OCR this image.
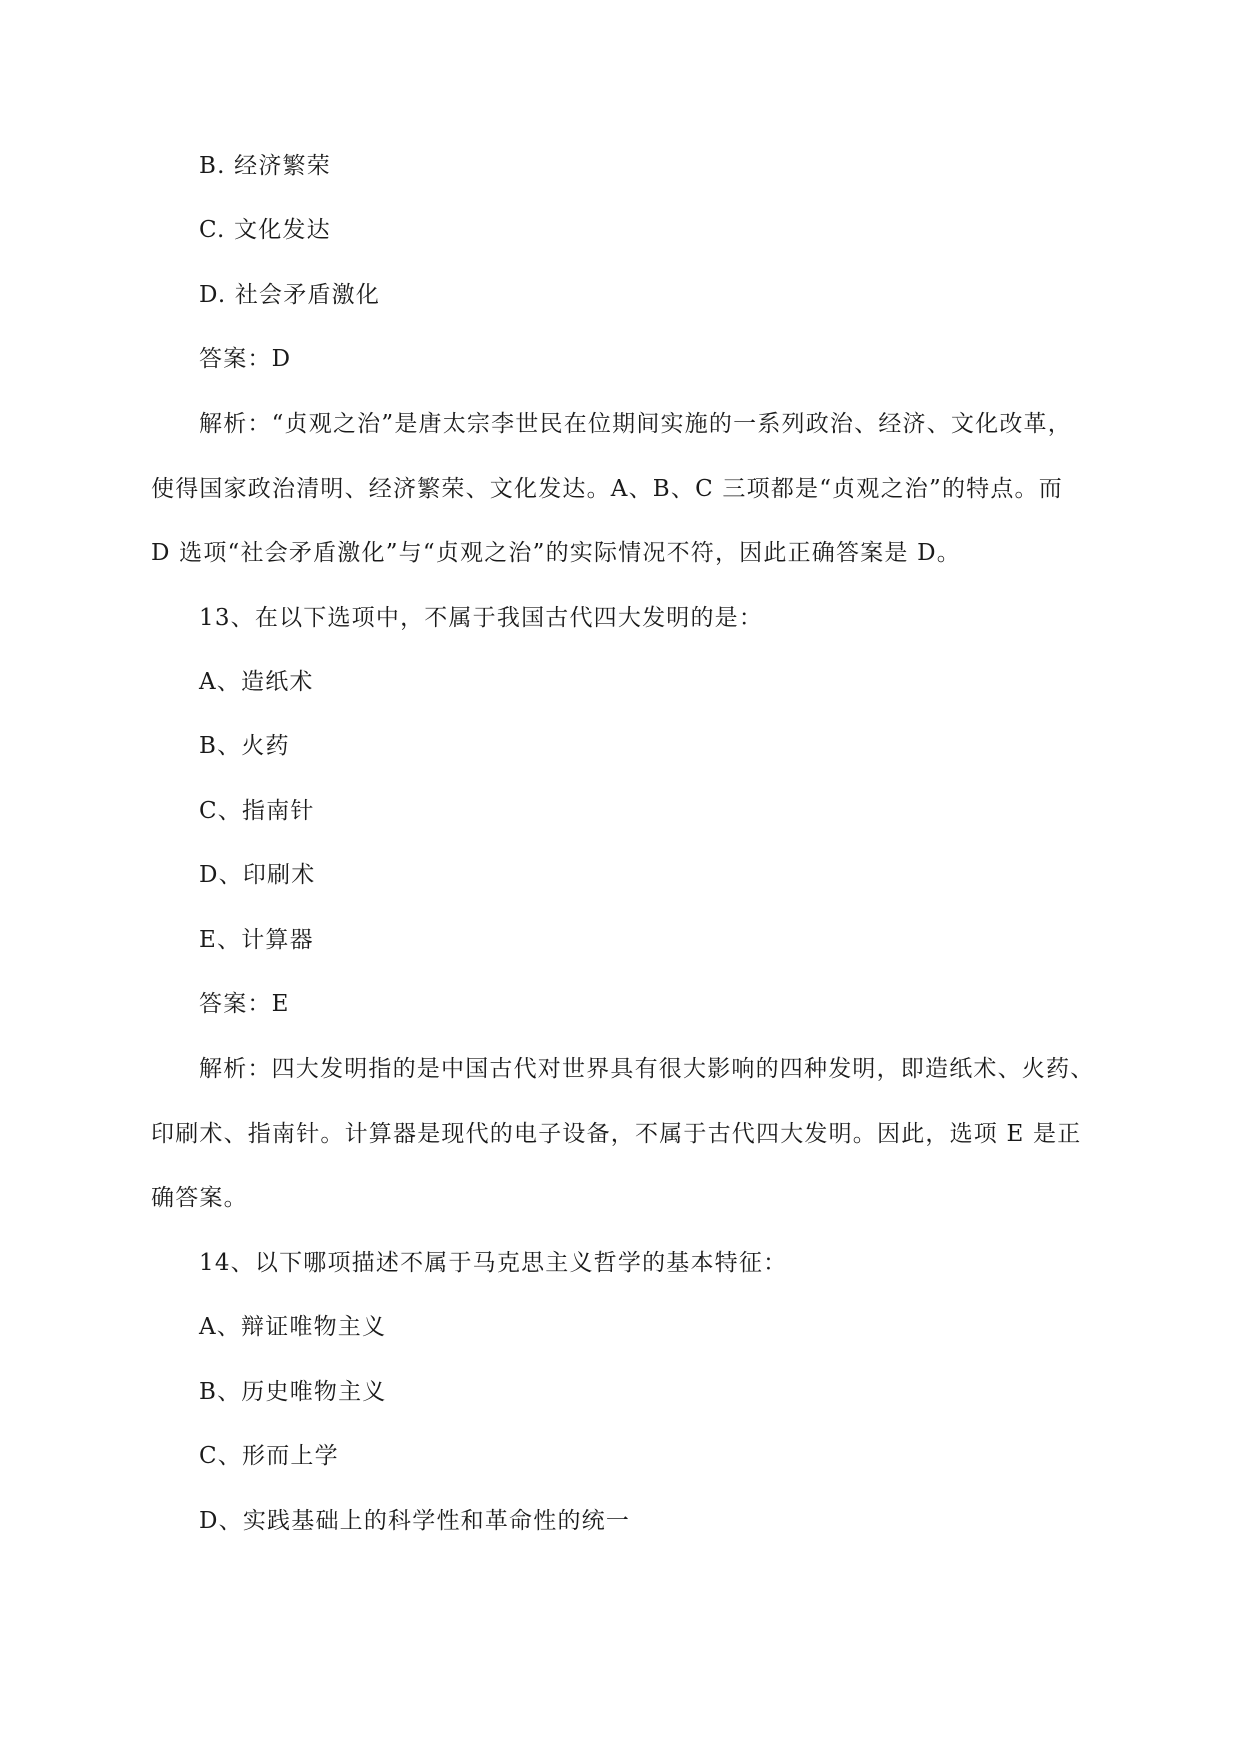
B. 经济繁荣
C. 文化发达
D. 社会矛盾激化
答案：D
解析：“贞观之治”是唐太宗李世民在位期间实施的一系列政治、经济、文化改革，
使得国家政治清明、经济繁荣、文化发达。A、B、C 三项都是“贞观之治”的特点。而
D 选项“社会矛盾激化”与“贞观之治”的实际情况不符，因此正确答案是 D。
13、在以下选项中，不属于我国古代四大发明的是：
A、造纸术
B、火药
C、指南针
D、印刷术
E、计算器
答案：E
解析：四大发明指的是中国古代对世界具有很大影响的四种发明，即造纸术、火药、
印刷术、指南针。计算器是现代的电子设备，不属于古代四大发明。因此，选项 E 是正
确答案。
14、以下哪项描述不属于马克思主义哲学的基本特征：
A、辩证唯物主义
B、历史唯物主义
C、形而上学
D、实践基础上的科学性和革命性的统一
